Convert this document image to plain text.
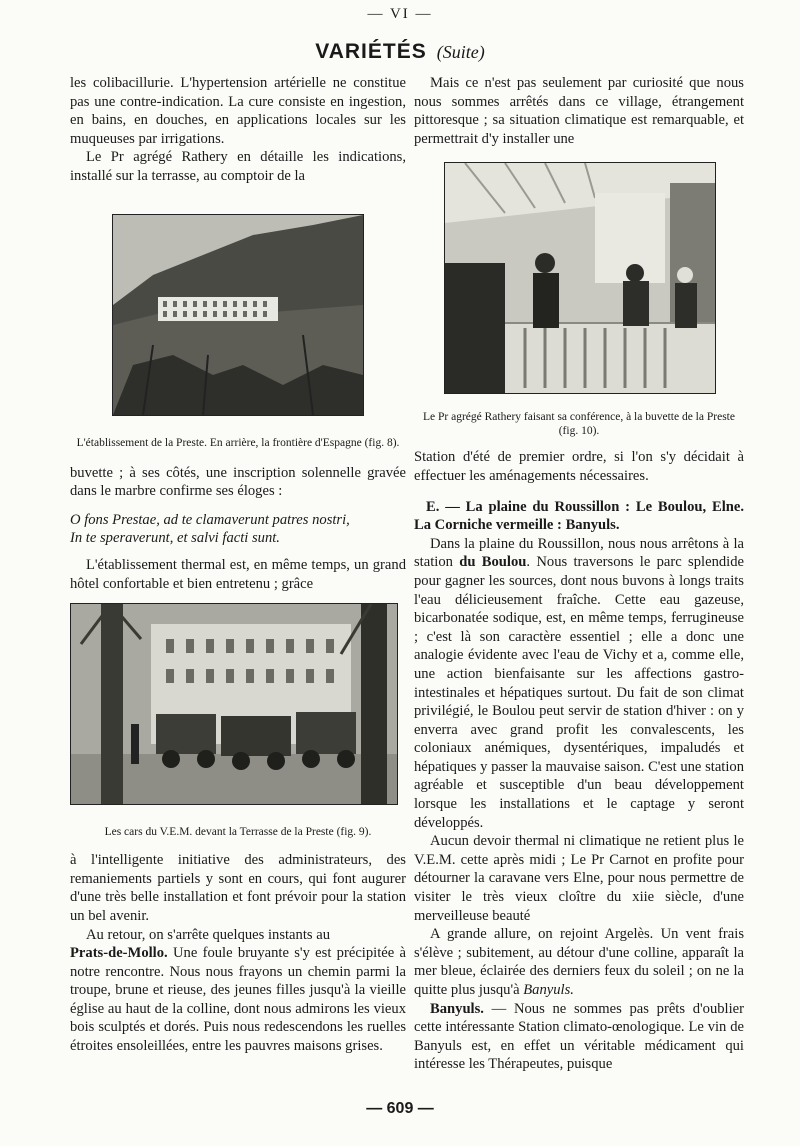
— VI —
VARIÉTÉS (Suite)

les colibacillurie. L'hypertension artérielle ne constitue pas une contre-indication. La cure consiste en ingestion, en bains, en douches, en applications locales sur les muqueuses par irrigations.

Le Pr agrégé Rathery en détaille les indications, installé sur la terrasse, au comptoir de la

L'établissement de la Preste. En arrière, la frontière d'Espagne (fig. 8).

buvette ; à ses côtés, une inscription solennelle gravée dans le marbre confirme ses éloges :

O fons Prestae, ad te clamaverunt patres nostri,
In te speraverunt, et salvi facti sunt.

L'établissement thermal est, en même temps, un grand hôtel confortable et bien entretenu ; grâce

Les cars du V.E.M. devant la Terrasse de la Preste (fig. 9).

à l'intelligente initiative des administrateurs, des remaniements partiels y sont en cours, qui font augurer d'une très belle installation et font prévoir pour la station un bel avenir.

Au retour, on s'arrête quelques instants au
Prats-de-Mollo. Une foule bruyante s'y est précipitée à notre rencontre. Nous nous frayons un chemin parmi la troupe, brune et rieuse, des jeunes filles jusqu'à la vieille église au haut de la colline, dont nous admirons les vieux bois sculptés et dorés. Puis nous redescendons les ruelles étroites ensoleillées, entre les pauvres maisons grises.

Mais ce n'est pas seulement par curiosité que nous nous sommes arrêtés dans ce village, étrangement pittoresque ; sa situation climatique est remarquable, et permettrait d'y installer une

Le Pr agrégé Rathery faisant sa conférence, à la buvette de la Preste (fig. 10).

Station d'été de premier ordre, si l'on s'y décidait à effectuer les aménagements nécessaires.

E. — La plaine du Roussillon : Le Boulou, Elne. La Corniche vermeille : Banyuls.

Dans la plaine du Roussillon, nous nous arrêtons à la station du Boulou. Nous traversons le parc splendide pour gagner les sources, dont nous buvons à longs traits l'eau délicieusement fraîche. Cette eau gazeuse, bicarbonatée sodique, est, en même temps, ferrugineuse ; c'est là son caractère essentiel ; elle a donc une analogie évidente avec l'eau de Vichy et a, comme elle, une action bienfaisante sur les affections gastro-intestinales et hépatiques surtout. Du fait de son climat privilégié, le Boulou peut servir de station d'hiver : on y enverra avec grand profit les convalescents, les coloniaux anémiques, dysentériques, impaludés et hépatiques y passer la mauvaise saison. C'est une station agréable et susceptible d'un beau développement lorsque les installations et le captage y seront développés.

Aucun devoir thermal ni climatique ne retient plus le V.E.M. cette après midi ; Le Pr Carnot en profite pour détourner la caravane vers Elne, pour nous permettre de visiter le très vieux cloître du xiie siècle, d'une merveilleuse beauté

A grande allure, on rejoint Argelès. Un vent frais s'élève ; subitement, au détour d'une colline, apparaît la mer bleue, éclairée des derniers feux du soleil ; on ne la quitte plus jusqu'à Banyuls.

Banyuls. — Nous ne sommes pas prêts d'oublier cette intéressante Station climato-œnologique. Le vin de Banyuls est, en effet un véritable médicament qui intéresse les Thérapeutes, puisque

— 609 —
